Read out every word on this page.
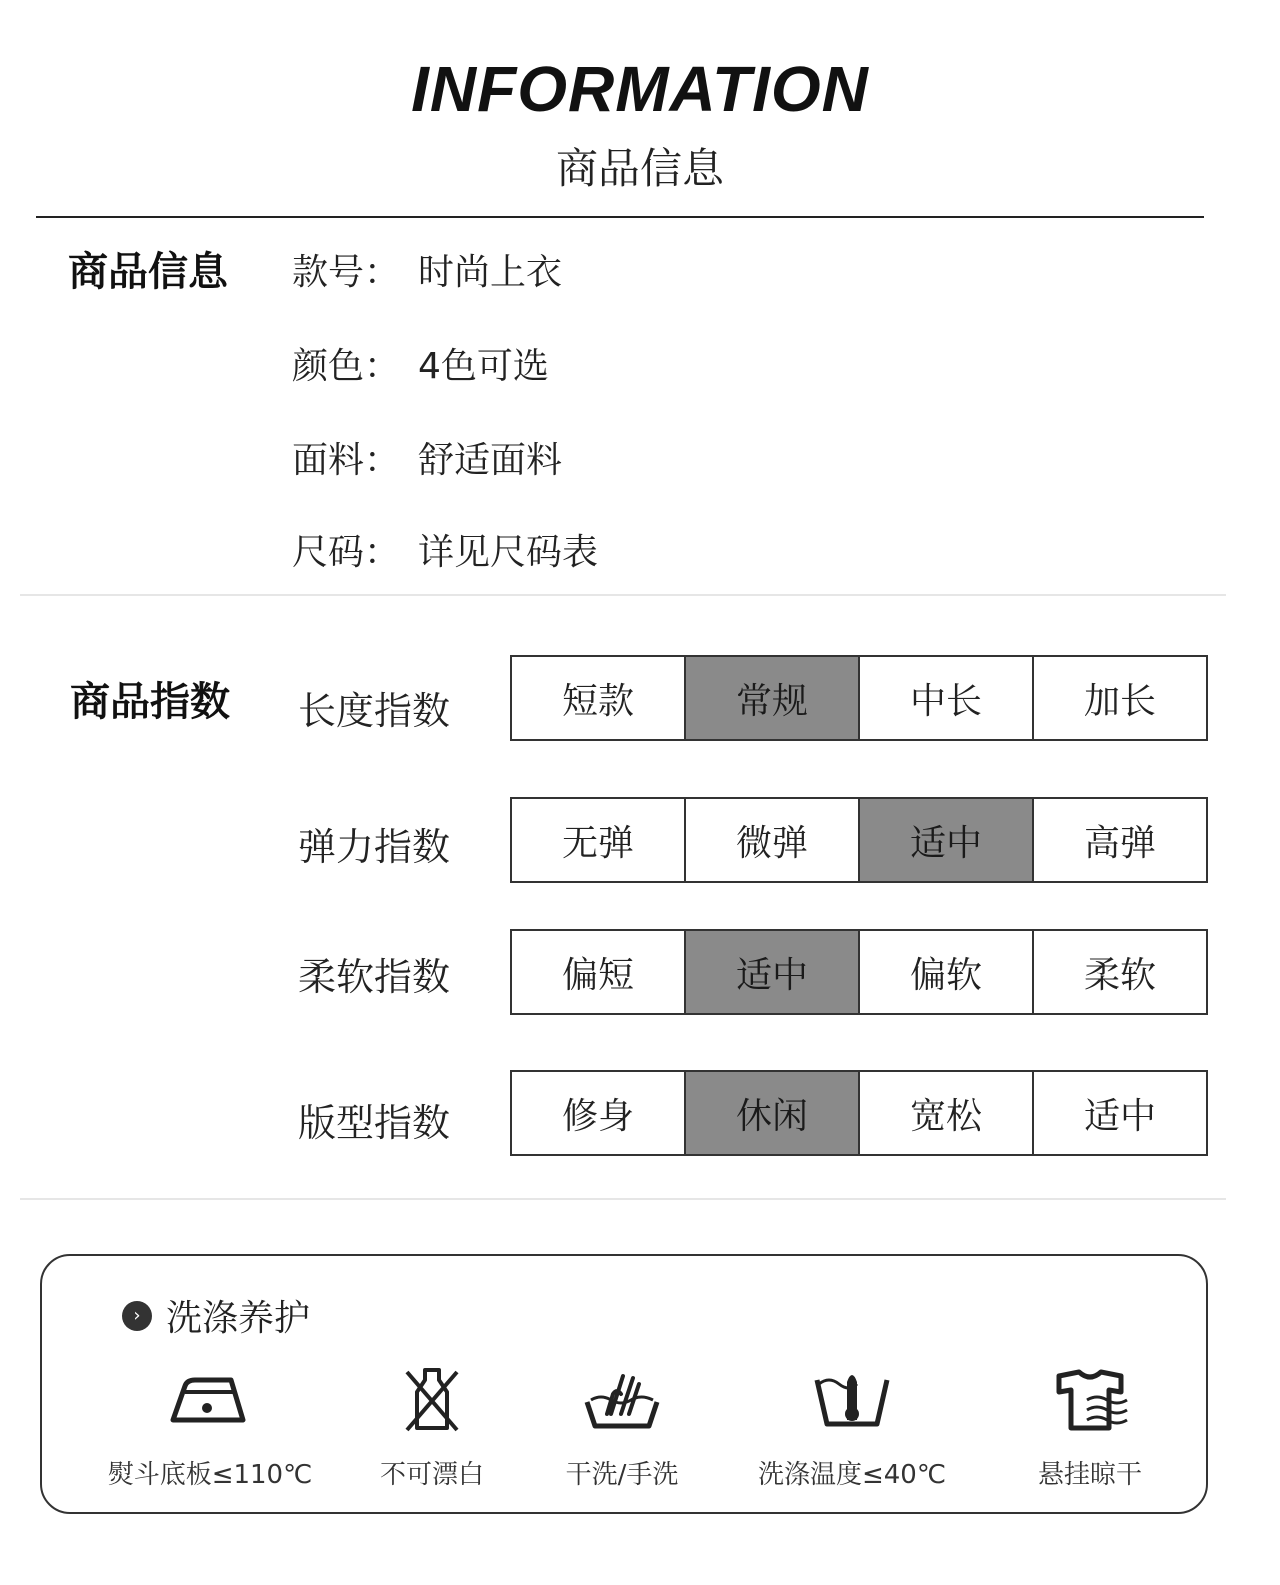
INFORMATION
商品信息
商品信息 款号： 时尚上衣
颜色： 4色可选
面料： 舒适面料
尺码： 详见尺码表
商品指数 长度指数	短款	常规	中长	加长
弹力指数	无弹	微弹	适中	高弹
柔软指数	偏短	适中	偏软	柔软
版型指数	修身	休闲	宽松	适中
› 洗涤养护
熨斗底板≤110℃	不可漂白	干洗/手洗	洗涤温度≤40℃	悬挂晾干
